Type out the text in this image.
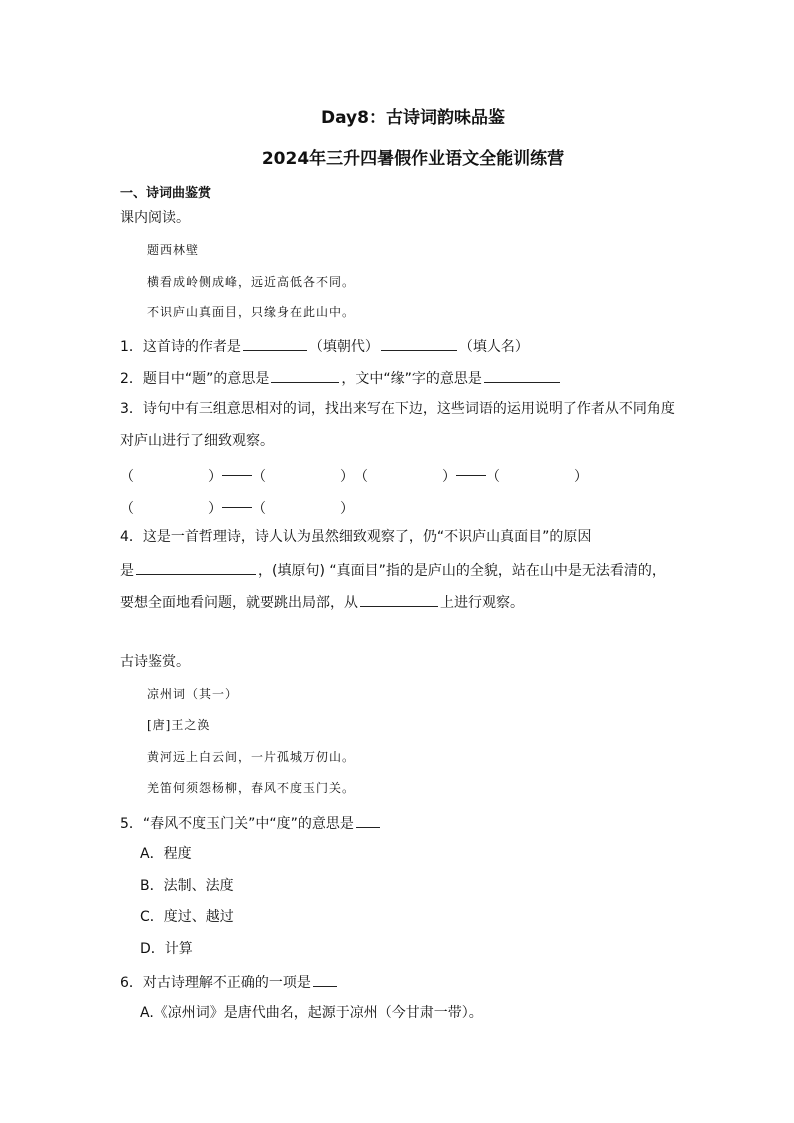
Day8：古诗词韵味品鉴
2024年三升四暑假作业语文全能训练营
一、诗词曲鉴赏
课内阅读。
题西林壁
横看成岭侧成峰，远近高低各不同。
不识庐山真面目，只缘身在此山中。
1．这首诗的作者是	（填朝代）	（填人名）
2．题目中“题”的意思是	，文中“缘”字的意思是
3．诗句中有三组意思相对的词，找出来写在下边，这些词语的运用说明了作者从不同角度
对庐山进行了细致观察。
（	） （	） （	） （	）
（	） （	）
4．这是一首哲理诗，诗人认为虽然细致观察了，仍“不识庐山真面目”的原因
是	，(填原句) “真面目”指的是庐山的全貌，站在山中是无法看清的，
要想全面地看问题，就要跳出局部，从	上进行观察。
古诗鉴赏。
凉州词（其一）
[唐]王之涣
黄河远上白云间，一片孤城万仞山。
羌笛何须怨杨柳，春风不度玉门关。
5．“春风不度玉门关”中“度”的意思是
A．程度
B．法制、法度
C．度过、越过
D．计算
6．对古诗理解不正确的一项是
A.《凉州词》是唐代曲名，起源于凉州（今甘肃一带）。
